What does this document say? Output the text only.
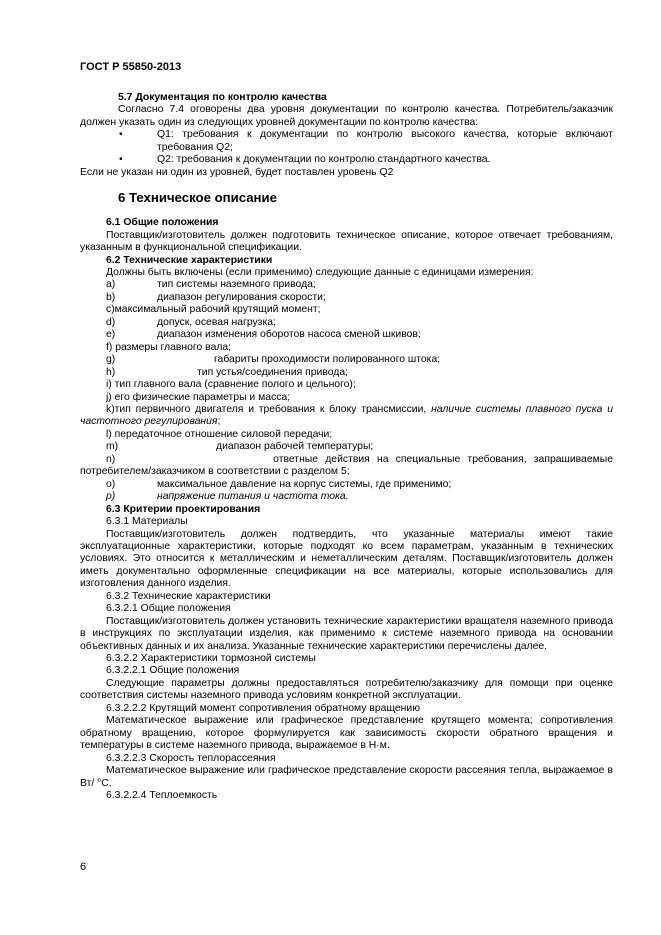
ГОСТ Р 55850-2013

5.7 Документация по контролю качества

Согласно 7.4 оговорены два уровня документации по контролю качества. Потребитель/заказчик должен указать один из следующих уровней документации по контролю качества:

•	Q1: требования к документации по контролю высокого качества, которые включают требования Q2;
•	Q2: требования к документации по контролю стандартного качества.

Если не указан ни один из уровней, будет поставлен уровень Q2

6 Техническое описание

6.1 Общие положения

Поставщик/изготовитель должен подготовить техническое описание, которое отвечает требованиям, указанным в функциональной спецификации.

6.2 Технические характеристики

Должны быть включены (если применимо) следующие данные с единицами измерения:

a)	тип системы наземного привода;
b)	диапазон регулирования скорости;

c)максимальный рабочий крутящий момент;

d)	допуск, осевая нагрузка;
e)	диапазон изменения оборотов насоса сменой шкивов;

f) размеры главного вала;

g)	габариты проходимости полированного штока;
h)	тип устья/соединения привода;

i) тип главного вала (сравнение полого и цельного);

j) его физические параметры и масса;

k)тип первичного двигателя и требования к блоку трансмиссии, наличие системы плавного пуска и частотного регулирования;

l) передаточное отношение силовой передачи;

m)	диапазон рабочей температуры;

n)                      ответные действия на специальные требования, запрашиваемые

потребителем/заказчиком в соответствии с разделом 5;

o)	максимальное давление на корпус системы, где применимо;
p)	напряжение питания и частота тока.

6.3 Критерии проектирования

6.3.1 Материалы

Поставщик/изготовитель должен подтвердить, что указанные материалы имеют такие эксплуатационные характеристики, которые подходят ко всем параметрам, указанным в технических условиях. Это относится к металлическим и неметаллическим деталям. Поставщик/изготовитель должен иметь документально оформленные спецификации на все материалы, которые использовались для изготовления данного изделия.

6.3.2 Технические характеристики

6.3.2.1 Общие положения

Поставщик/изготовитель должен установить технические характеристики вращателя наземного привода в инструкциях по эксплуатации изделия, как применимо к системе наземного привода на основании объективных данных и их анализа. Указанные технические характеристики перечислены далее.

6.3.2.2 Характеристики тормозной системы

6.3.2.2.1 Общие положения

Следующие параметры должны предоставляться потребителю/заказчику для помощи при оценке соответствия системы наземного привода условиям конкретной эксплуатации.

6.3.2.2.2 Крутящий момент сопротивления обратному вращению

Математическое выражение или графическое представление крутящего момента; сопротивления обратному вращению, которое формулируется как зависимость скорости обратного вращения и температуры в системе наземного привода, выражаемое в Н·м.

6.3.2.2.3 Скорость теплорассеяния

Математическое выражение или графическое представление скорости рассеяния тепла, выражаемое в Вт/ °С.

6.3.2.2.4 Теплоемкость

6
